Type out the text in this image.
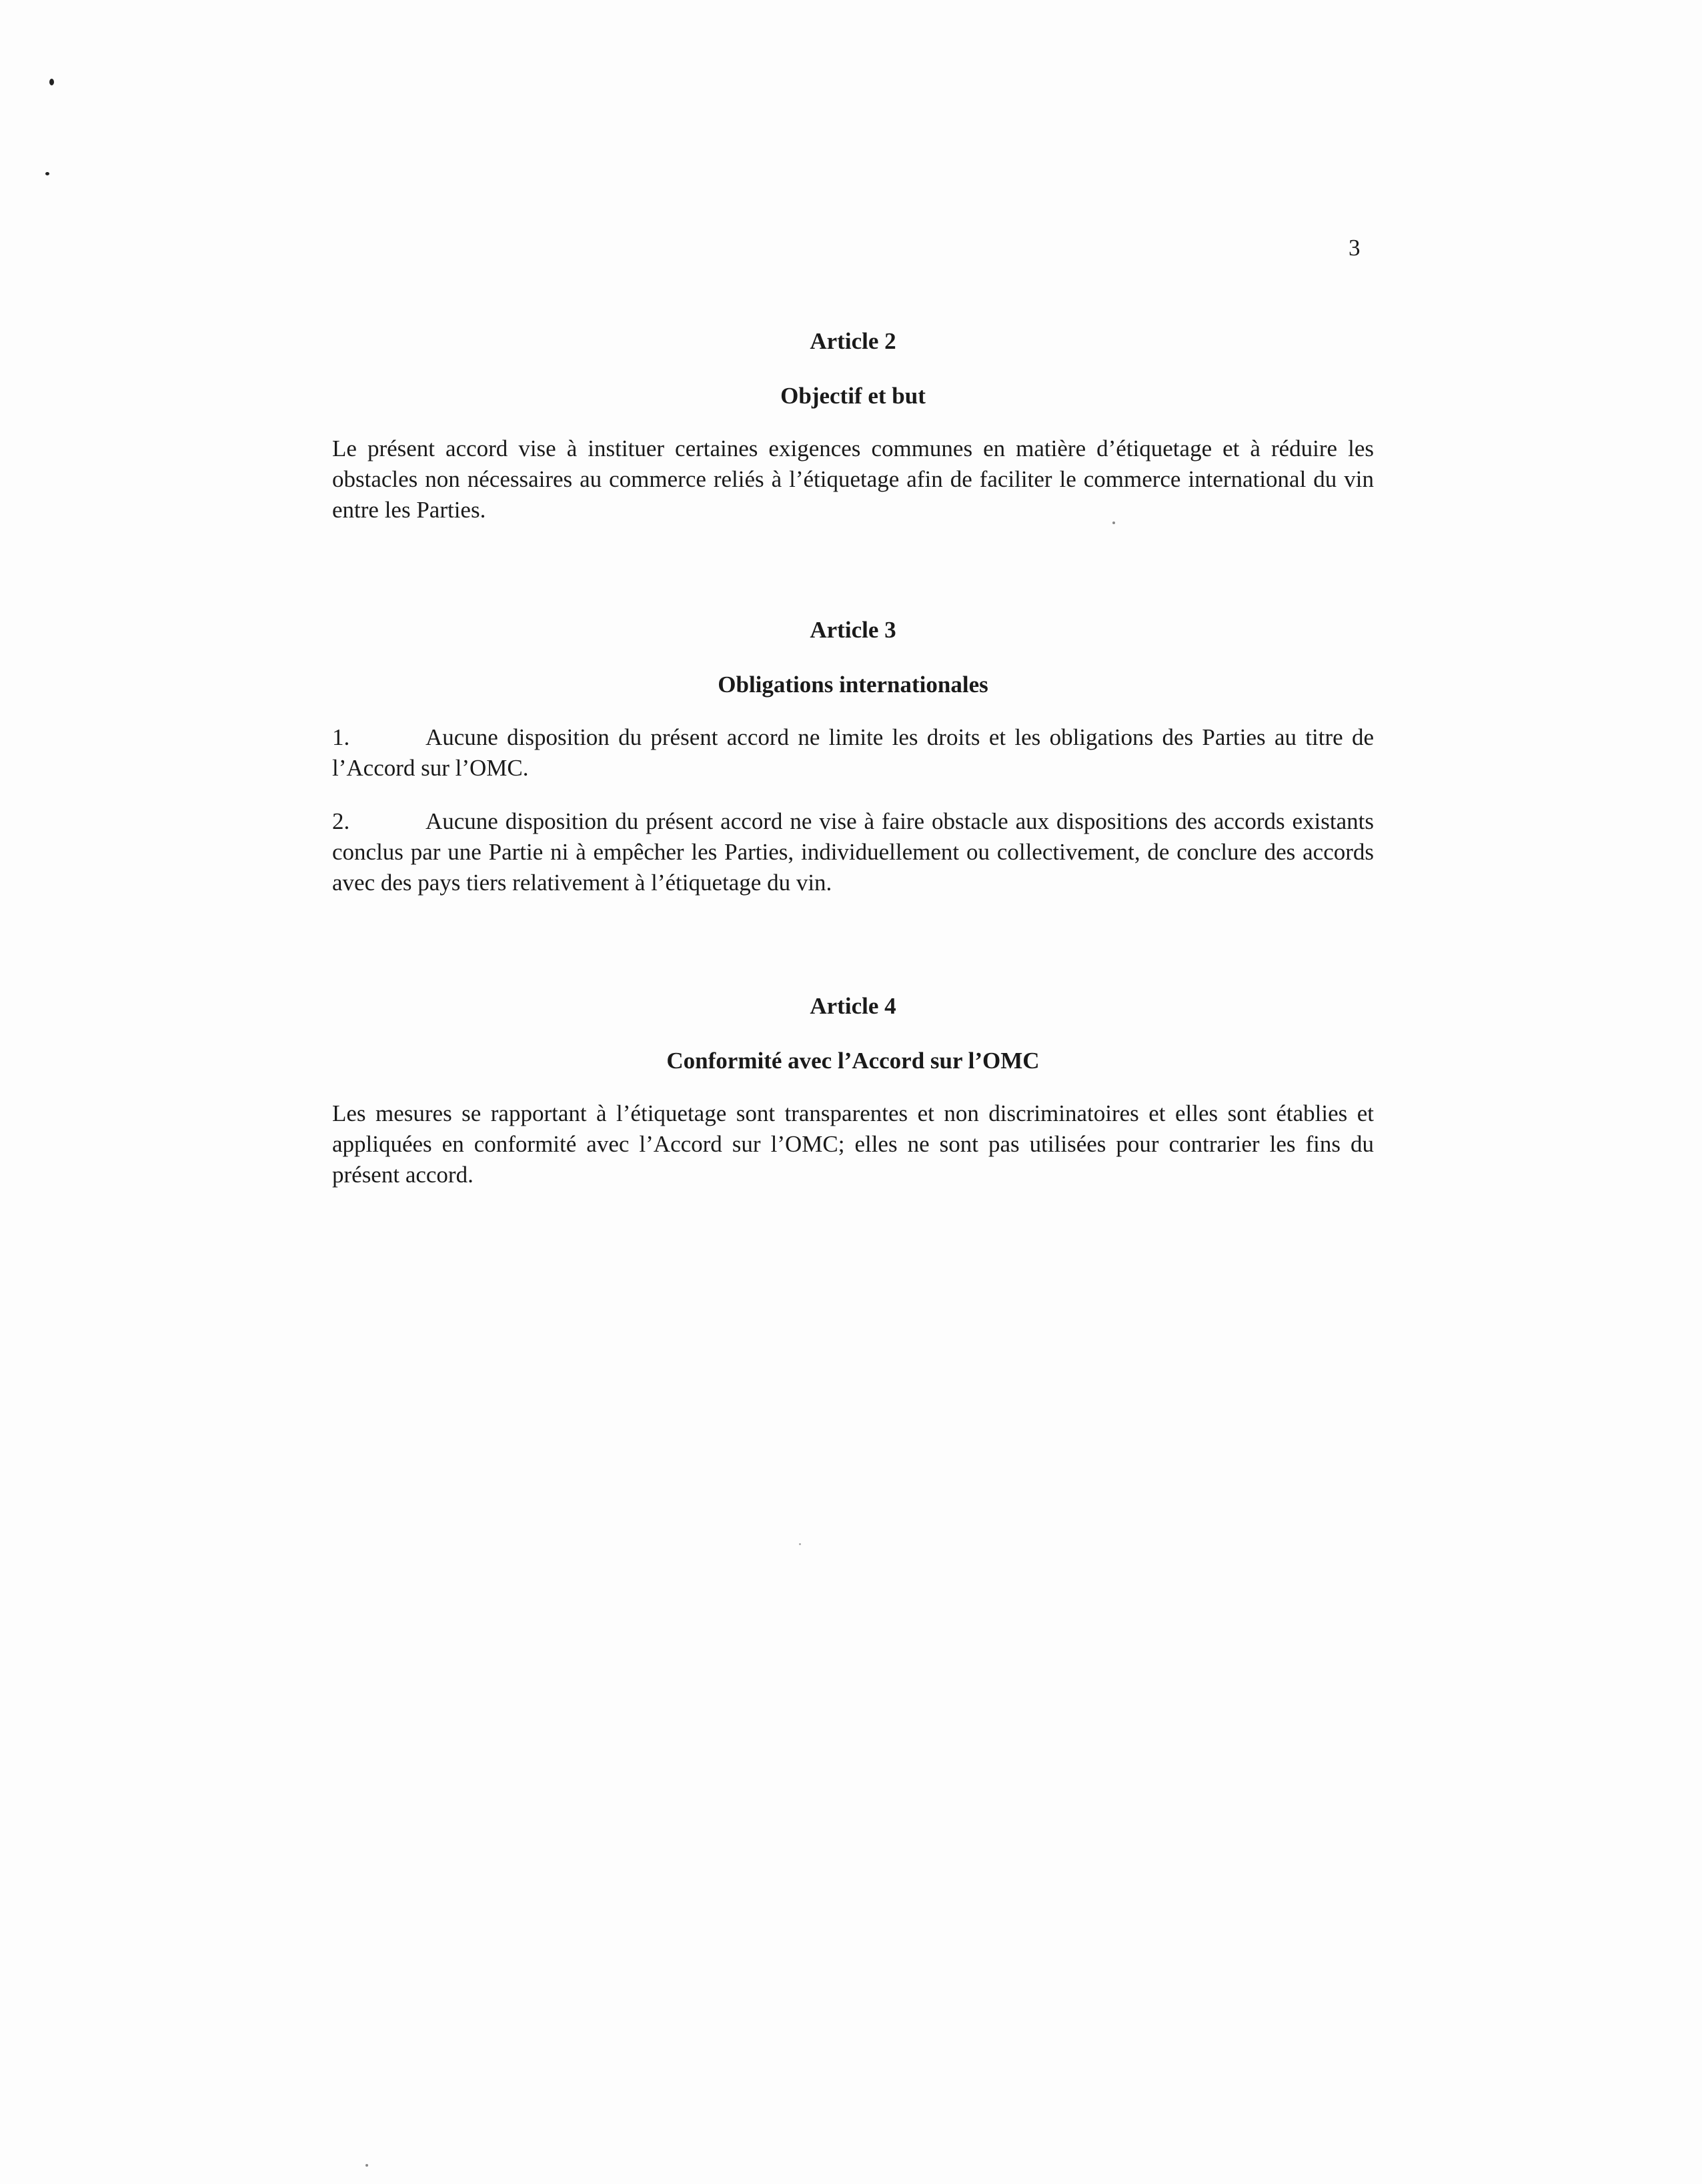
3
Article 2
Objectif et but

Le présent accord vise à instituer certaines exigences communes en matière d’étiquetage et à réduire les obstacles non nécessaires au commerce reliés à l’étiquetage afin de faciliter le commerce international du vin entre les Parties.

Article 3
Obligations internationales

1.	Aucune disposition du présent accord ne limite les droits et les obligations des Parties au titre de l’Accord sur l’OMC.

2.	Aucune disposition du présent accord ne vise à faire obstacle aux dispositions des accords existants conclus par une Partie ni à empêcher les Parties, individuellement ou collectivement, de conclure des accords avec des pays tiers relativement à l’étiquetage du vin.

Article 4
Conformité avec l’Accord sur l’OMC

Les mesures se rapportant à l’étiquetage sont transparentes et non discriminatoires et elles sont établies et appliquées en conformité avec l’Accord sur l’OMC; elles ne sont pas utilisées pour contrarier les fins du présent accord.
